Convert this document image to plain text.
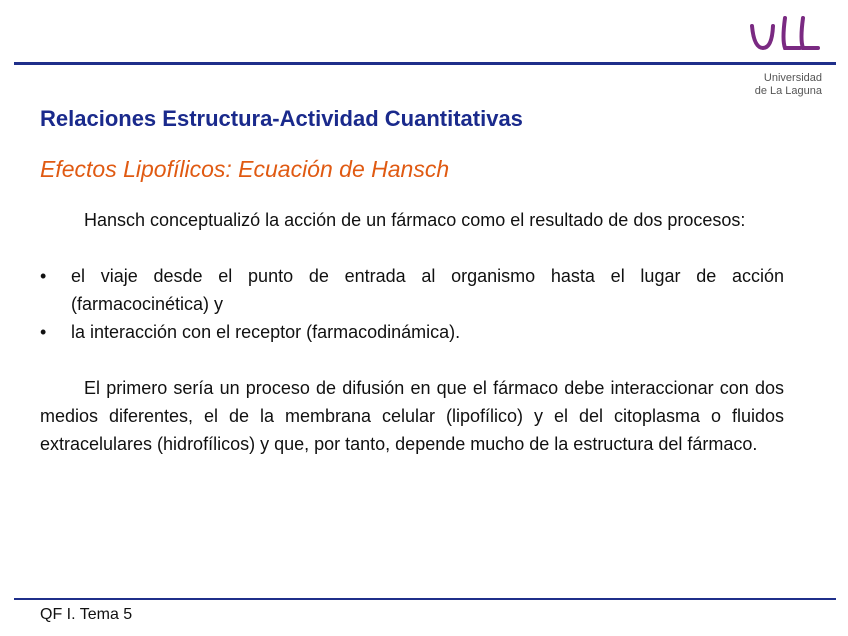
Universidad
de La Laguna
Relaciones Estructura-Actividad Cuantitativas
Efectos Lipofílicos: Ecuación de Hansch

Hansch conceptualizó la acción de un fármaco como el resultado de dos procesos:

• el viaje desde el punto de entrada al organismo hasta el lugar de acción (farmacocinética) y
• la interacción con el receptor (farmacodinámica).

El primero sería un proceso de difusión en que el fármaco debe interaccionar con dos medios diferentes, el de la membrana celular (lipofílico) y el del citoplasma o fluidos extracelulares (hidrofílicos) y que, por tanto, depende mucho de la estructura del fármaco.

QF I. Tema 5
